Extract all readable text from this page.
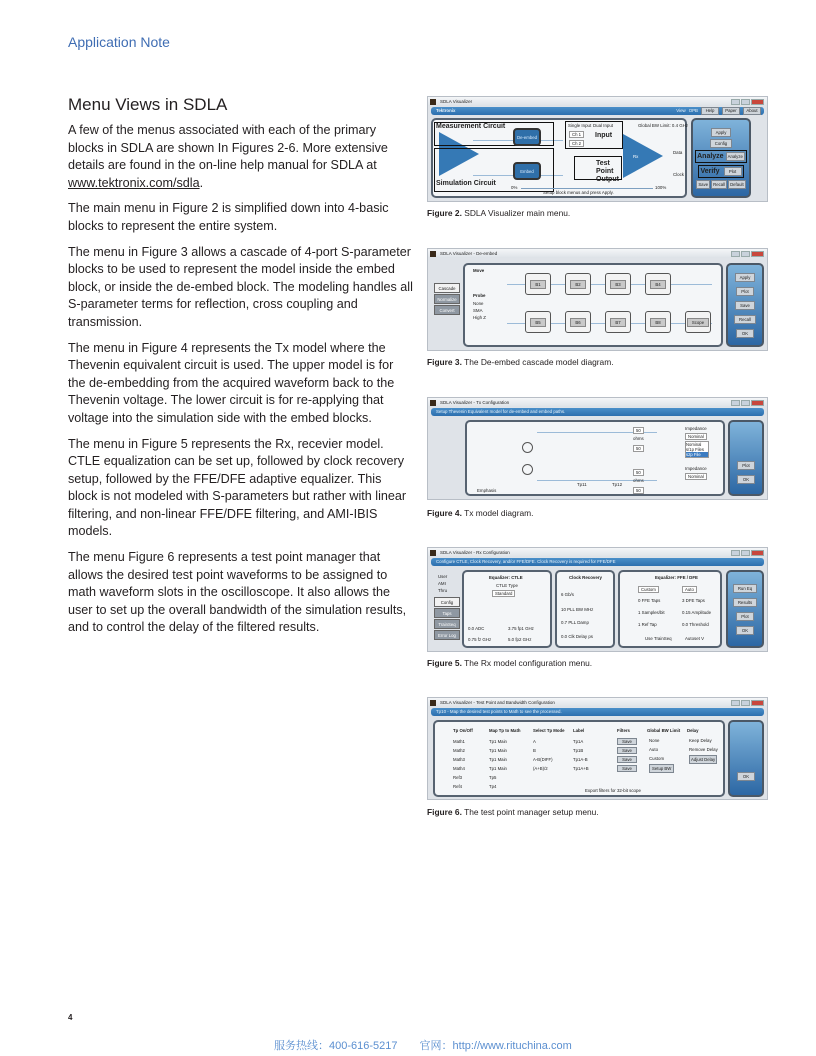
Application Note
Menu Views in SDLA

A few of the menus associated with each of the primary blocks in SDLA are shown In Figures 2-6. More extensive details are found in the on-line help manual for SDLA at www.tektronix.com/sdla.

The main menu in Figure 2 is simplified down into 4-basic blocks to represent the entire system.

The menu in Figure 3 allows a cascade of 4-port S-parameter blocks to be used to represent the model inside the embed block, or inside the de-embed block. The modeling handles all S-parameter terms for reflection, cross coupling and transmission.

The menu in Figure 4 represents the Tx model where the Thevenin equivalent circuit is used. The upper model is for the de-embedding from the acquired waveform back to the Thevenin voltage. The lower circuit is for re-applying that voltage into the simulation side with the embed blocks.

The menu in Figure 5 represents the Rx, recevier model. CTLE equalization can be set up, followed by clock recovery setup, followed by the FFE/DFE adaptive equalizer. This block is not modeled with S-parameters but rather with linear filtering, and non-linear FFE/DFE filtering, and AMI-IBIS models.

The menu Figure 6 represents a test point manager that allows the desired test point waveforms to be assigned to math waveform slots in the oscilloscope. It also allows the user to set up the overall bandwidth of the simulation results, and to control the delay of the filtered results.

SDLA Visualizer
Tektronix	View OPB	Help	Paper	About
Measurement Circuit
Simulation Circuit
De-embed
Embed
Single Input Dual Input
Ch 1
Ch 2
Input
Global BW Limit: 0.4 GHz
Test Point Output
Rx
Data
Clock
0%	100%
Setup block menus and press Apply.
Apply
Config
Analyze Analyze
Verify	Plot
Save	Recall	Default
Figure 2. SDLA Visualizer main menu.
SDLA Visualizer - De-embed
Cascade
Normalize
Convert
Move
Probe
None
SMA
High Z
B1	B2	B3	B4
B5	B6	B7	B8	Scope
Apply
Plot
Save
Recall
OK
Figure 3. The De-embed cascade model diagram.
SDLA Visualizer - Tx Configuration
Setup Thevenin Equivalent model for de-embed and embed paths.
50
ohms
50
50
ohms
50
Tp11	Tp12
Impedance
Nominal
Nominal
s/1p Files
s2p File
Impedance
Nominal
Emphasis
Plot
OK
Figure 4. Tx model diagram.
SDLA Visualizer - Rx Configuration
Configure CTLE, Clock Recovery, and/or FFE/DFE. Clock Recovery is required for FFE/DFE
User
AMI
Thru
Config
Taps
TrainSeq
Error Log
Equalizer: CTLE
CTLE Type
Standard
0.0 ADC	3.75 fp1 GHz
0.75 fz GHz	5.0 fp2 GHz
Clock Recovery
6 Gb/s
10 PLL BW MHz
0.7 PLL Damp
0.0 Clk Delay ps
Equalizer: FFE / DFE
Custom	Auto
0 FFE Taps	3 DFE Taps
1 Samples/bit	0.15 Amplitude
1 Ref Tap	0.0 Threshold
Use TrainSeq	Autoset V
Run Eq
Results
Plot
OK
Figure 5. The Rx model configuration menu.
SDLA Visualizer - Test Point and Bandwidth Configuration
Tp10 - Map the desired test points to Math to see the processed.
Tp On/Off	Map Tp to Math	Select Tp Mode	Label	Filters	Global BW Limit	Delay
Math1	Tp1 Main	A	Tp1A	Save
Math2	Tp1 Main	B	Tp1B	Save
Math3	Tp1 Main	A-B(DIFF)	Tp1A-B	Save
Math4	Tp1 Main	(A+B)/2	Tp1A+B	Save
Ref3	Tp5
Ref4	Tp4
None
Auto
Custom
Setup BW
Keep Delay
Remove Delay
Adjust Delay
Export filters for 32-bit scope
OK
Figure 6. The test point manager setup menu.
4
服务热线：400-616-5217 官网：http://www.rituchina.com
